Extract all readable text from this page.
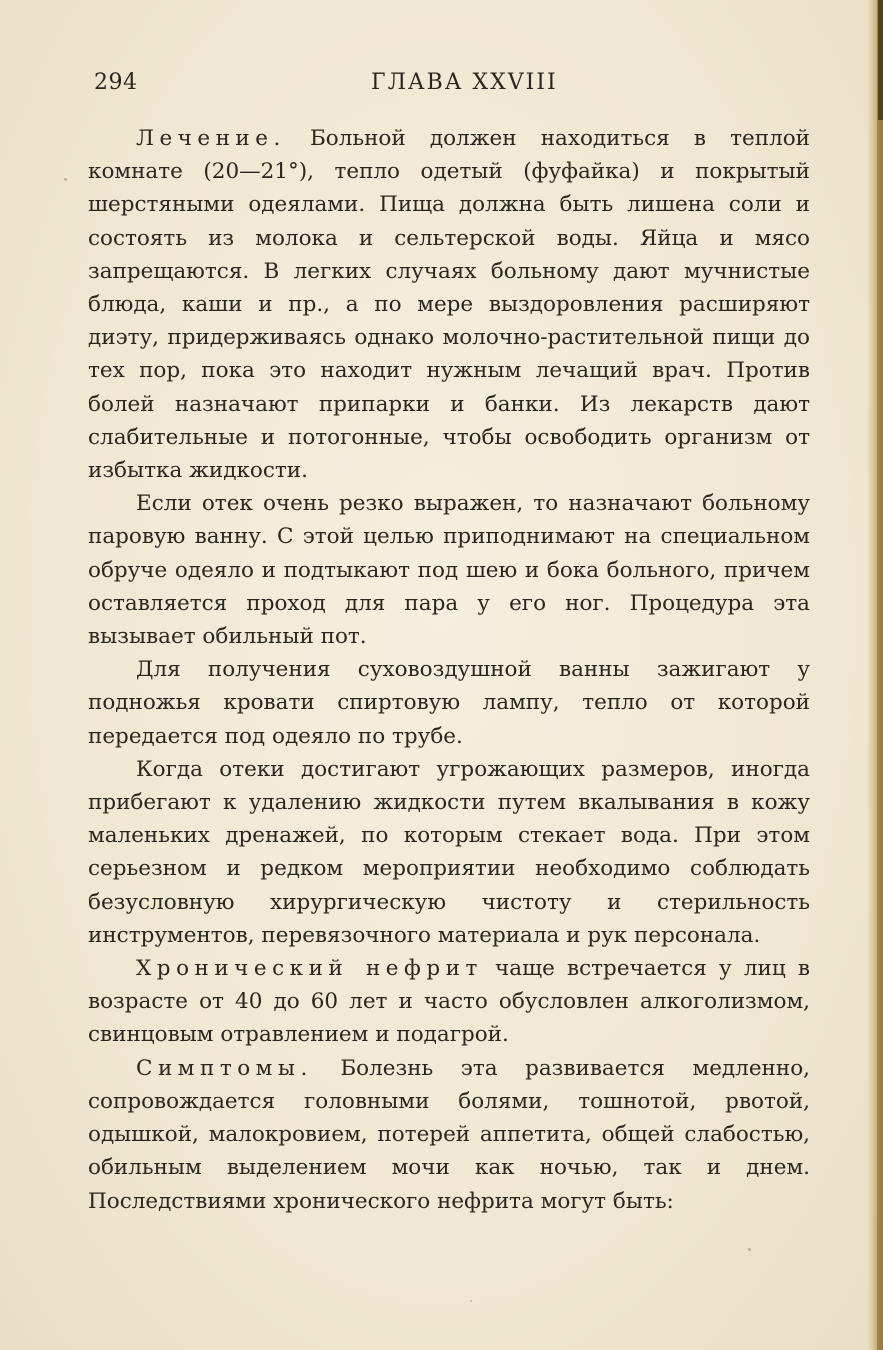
294	ГЛАВА XXVIII

Лечение. Больной должен находиться в теплой комнате (20—21°), тепло одетый (фуфайка) и покрытый шерстяными одеялами. Пища должна быть лишена соли и состоять из молока и сельтерской воды. Яйца и мясо запрещаются. В легких случаях больному дают мучнистые блюда, каши и пр., а по мере выздоровления расширяют диэту, придерживаясь однако молочно-растительной пищи до тех пор, пока это находит нужным лечащий врач. Против болей назначают припарки и банки. Из лекарств дают слабительные и потогонные, чтобы освободить организм от избытка жидкости.

Если отек очень резко выражен, то назначают больному паровую ванну. С этой целью приподнимают на специальном обруче одеяло и подтыкают под шею и бока больного, причем оставляется проход для пара у его ног. Процедура эта вызывает обильный пот.

Для получения суховоздушной ванны зажигают у подножья кровати спиртовую лампу, тепло от которой передается под одеяло по трубе.

Когда отеки достигают угрожающих размеров, иногда прибегают к удалению жидкости путем вкалывания в кожу маленьких дренажей, по которым стекает вода. При этом серьезном и редком мероприятии необходимо соблюдать безусловную хирургическую чистоту и стерильность инструментов, перевязочного материала и рук персонала.

Хронический нефрит чаще встречается у лиц в возрасте от 40 до 60 лет и часто обусловлен алкоголизмом, свинцовым отравлением и подагрой.

Симптомы. Болезнь эта развивается медленно, сопровождается головными болями, тошнотой, рвотой, одышкой, малокровием, потерей аппетита, общей слабостью, обильным выделением мочи как ночью, так и днем. Последствиями хронического нефрита могут быть:
